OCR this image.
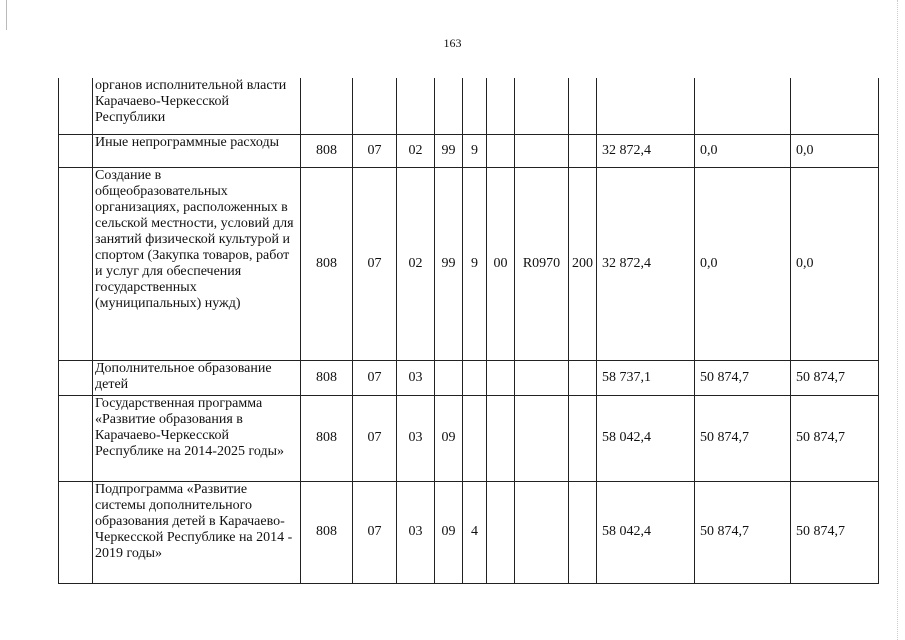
163
	органов исполнительной власти Карачаево-Черкесской Республики											
	Иные непрограммные расходы	808	07	02	99	9				32 872,4	0,0	0,0
	Создание в общеобразовательных организациях, расположенных в сельской местности, условий для занятий физической культурой и спортом (Закупка товаров, работ и услуг для обеспечения государственных (муниципальных) нужд)	808	07	02	99	9	00	R0970	200	32 872,4	0,0	0,0
	Дополнительное образование детей	808	07	03						58 737,1	50 874,7	50 874,7
	Государственная программа «Развитие образования в Карачаево-Черкесской Республике на 2014-2025 годы»	808	07	03	09					58 042,4	50 874,7	50 874,7
	Подпрограмма «Развитие системы дополнительного образования детей в Карачаево-Черкесской Республике на 2014 - 2019 годы»	808	07	03	09	4				58 042,4	50 874,7	50 874,7
